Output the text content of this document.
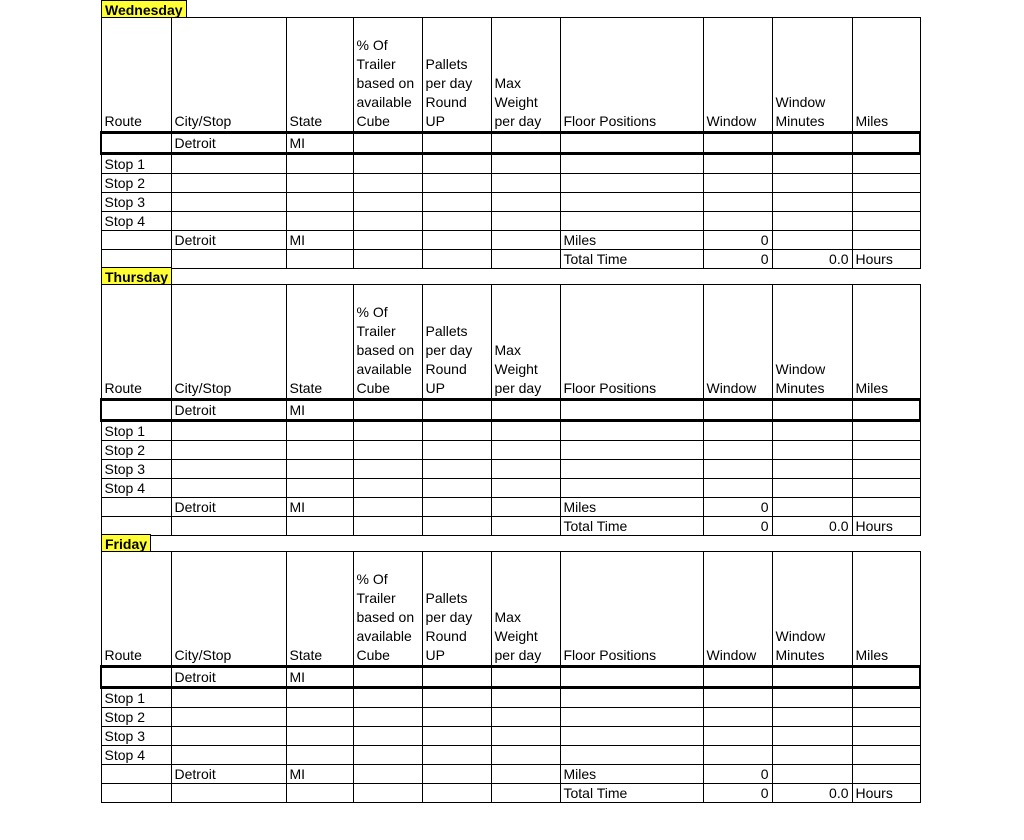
Wednesday
Route	City/Stop	State	% Of Trailer based on available Cube	Pallets per day Round UP	Max Weight per day	Floor Positions	Window	Window Minutes	Miles
	Detroit	MI							
Stop 1									
Stop 2									
Stop 3									
Stop 4									
	Detroit	MI				Miles	0		
						Total Time	0	0.0	Hours
Thursday
Route	City/Stop	State	% Of Trailer based on available Cube	Pallets per day Round UP	Max Weight per day	Floor Positions	Window	Window Minutes	Miles
	Detroit	MI							
Stop 1									
Stop 2									
Stop 3									
Stop 4									
	Detroit	MI				Miles	0		
						Total Time	0	0.0	Hours
Friday
Route	City/Stop	State	% Of Trailer based on available Cube	Pallets per day Round UP	Max Weight per day	Floor Positions	Window	Window Minutes	Miles
	Detroit	MI							
Stop 1									
Stop 2									
Stop 3									
Stop 4									
	Detroit	MI				Miles	0		
						Total Time	0	0.0	Hours
